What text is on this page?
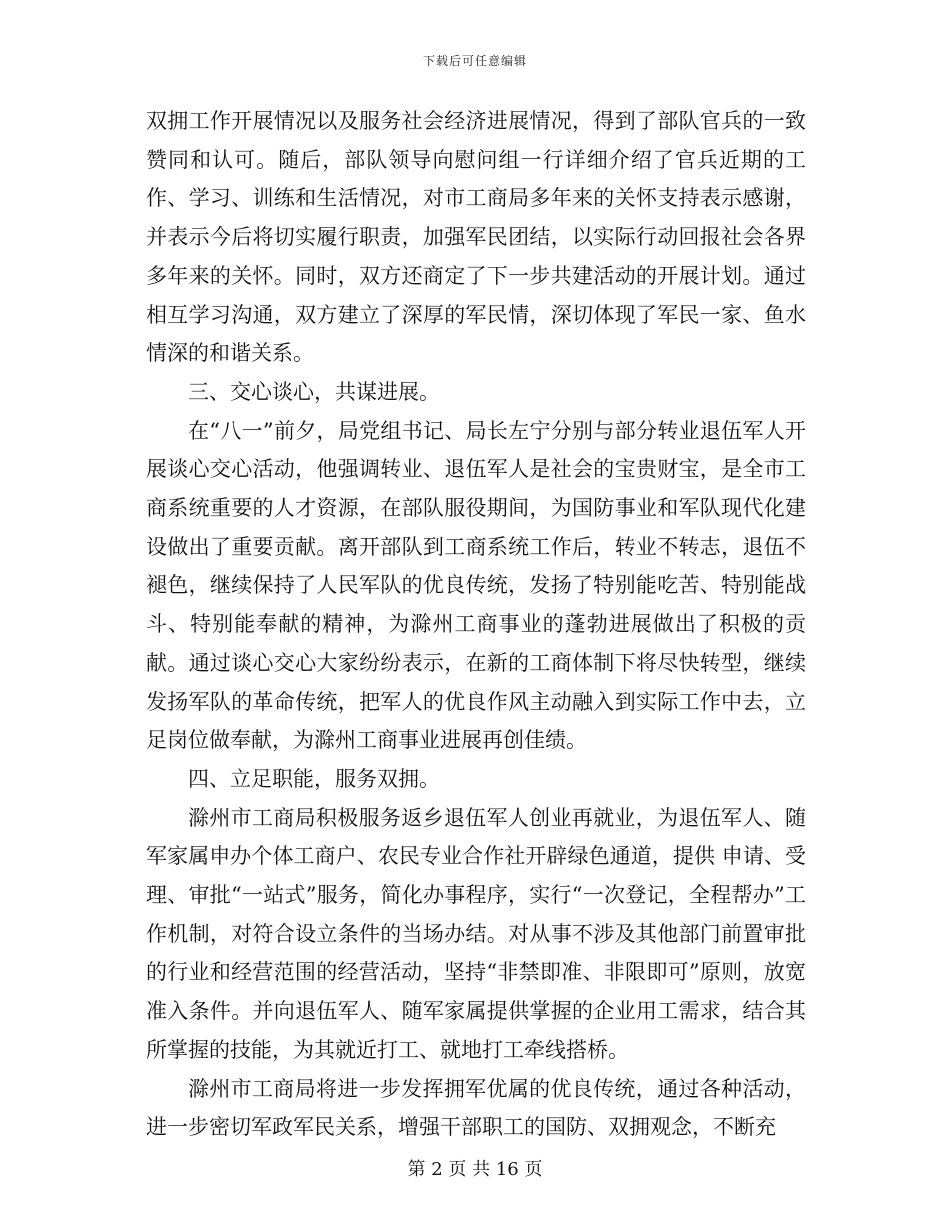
下载后可任意编辑

双拥工作开展情况以及服务社会经济进展情况，得到了部队官兵的一致赞同和认可。随后，部队领导向慰问组一行详细介绍了官兵近期的工作、学习、训练和生活情况，对市工商局多年来的关怀支持表示感谢，并表示今后将切实履行职责，加强军民团结，以实际行动回报社会各界多年来的关怀。同时，双方还商定了下一步共建活动的开展计划。通过相互学习沟通，双方建立了深厚的军民情，深切体现了军民一家、鱼水情深的和谐关系。

三、交心谈心，共谋进展。

在“八一”前夕，局党组书记、局长左宁分别与部分转业退伍军人开展谈心交心活动，他强调转业、退伍军人是社会的宝贵财宝，是全市工商系统重要的人才资源，在部队服役期间，为国防事业和军队现代化建设做出了重要贡献。离开部队到工商系统工作后，转业不转志，退伍不褪色，继续保持了人民军队的优良传统，发扬了特别能吃苦、特别能战斗、特别能奉献的精神，为滁州工商事业的蓬勃进展做出了积极的贡献。通过谈心交心大家纷纷表示，在新的工商体制下将尽快转型，继续发扬军队的革命传统，把军人的优良作风主动融入到实际工作中去，立足岗位做奉献，为滁州工商事业进展再创佳绩。

四、立足职能，服务双拥。

滁州市工商局积极服务返乡退伍军人创业再就业，为退伍军人、随军家属申办个体工商户、农民专业合作社开辟绿色通道，提供 申请、受理、审批“一站式”服务，简化办事程序，实行“一次登记，全程帮办”工作机制，对符合设立条件的当场办结。对从事不涉及其他部门前置审批的行业和经营范围的经营活动，坚持“非禁即准、非限即可”原则，放宽准入条件。并向退伍军人、随军家属提供掌握的企业用工需求，结合其所掌握的技能，为其就近打工、就地打工牵线搭桥。

滁州市工商局将进一步发挥拥军优属的优良传统，通过各种活动，进一步密切军政军民关系，增强干部职工的国防、双拥观念，不断充

第 2 页 共 16 页
